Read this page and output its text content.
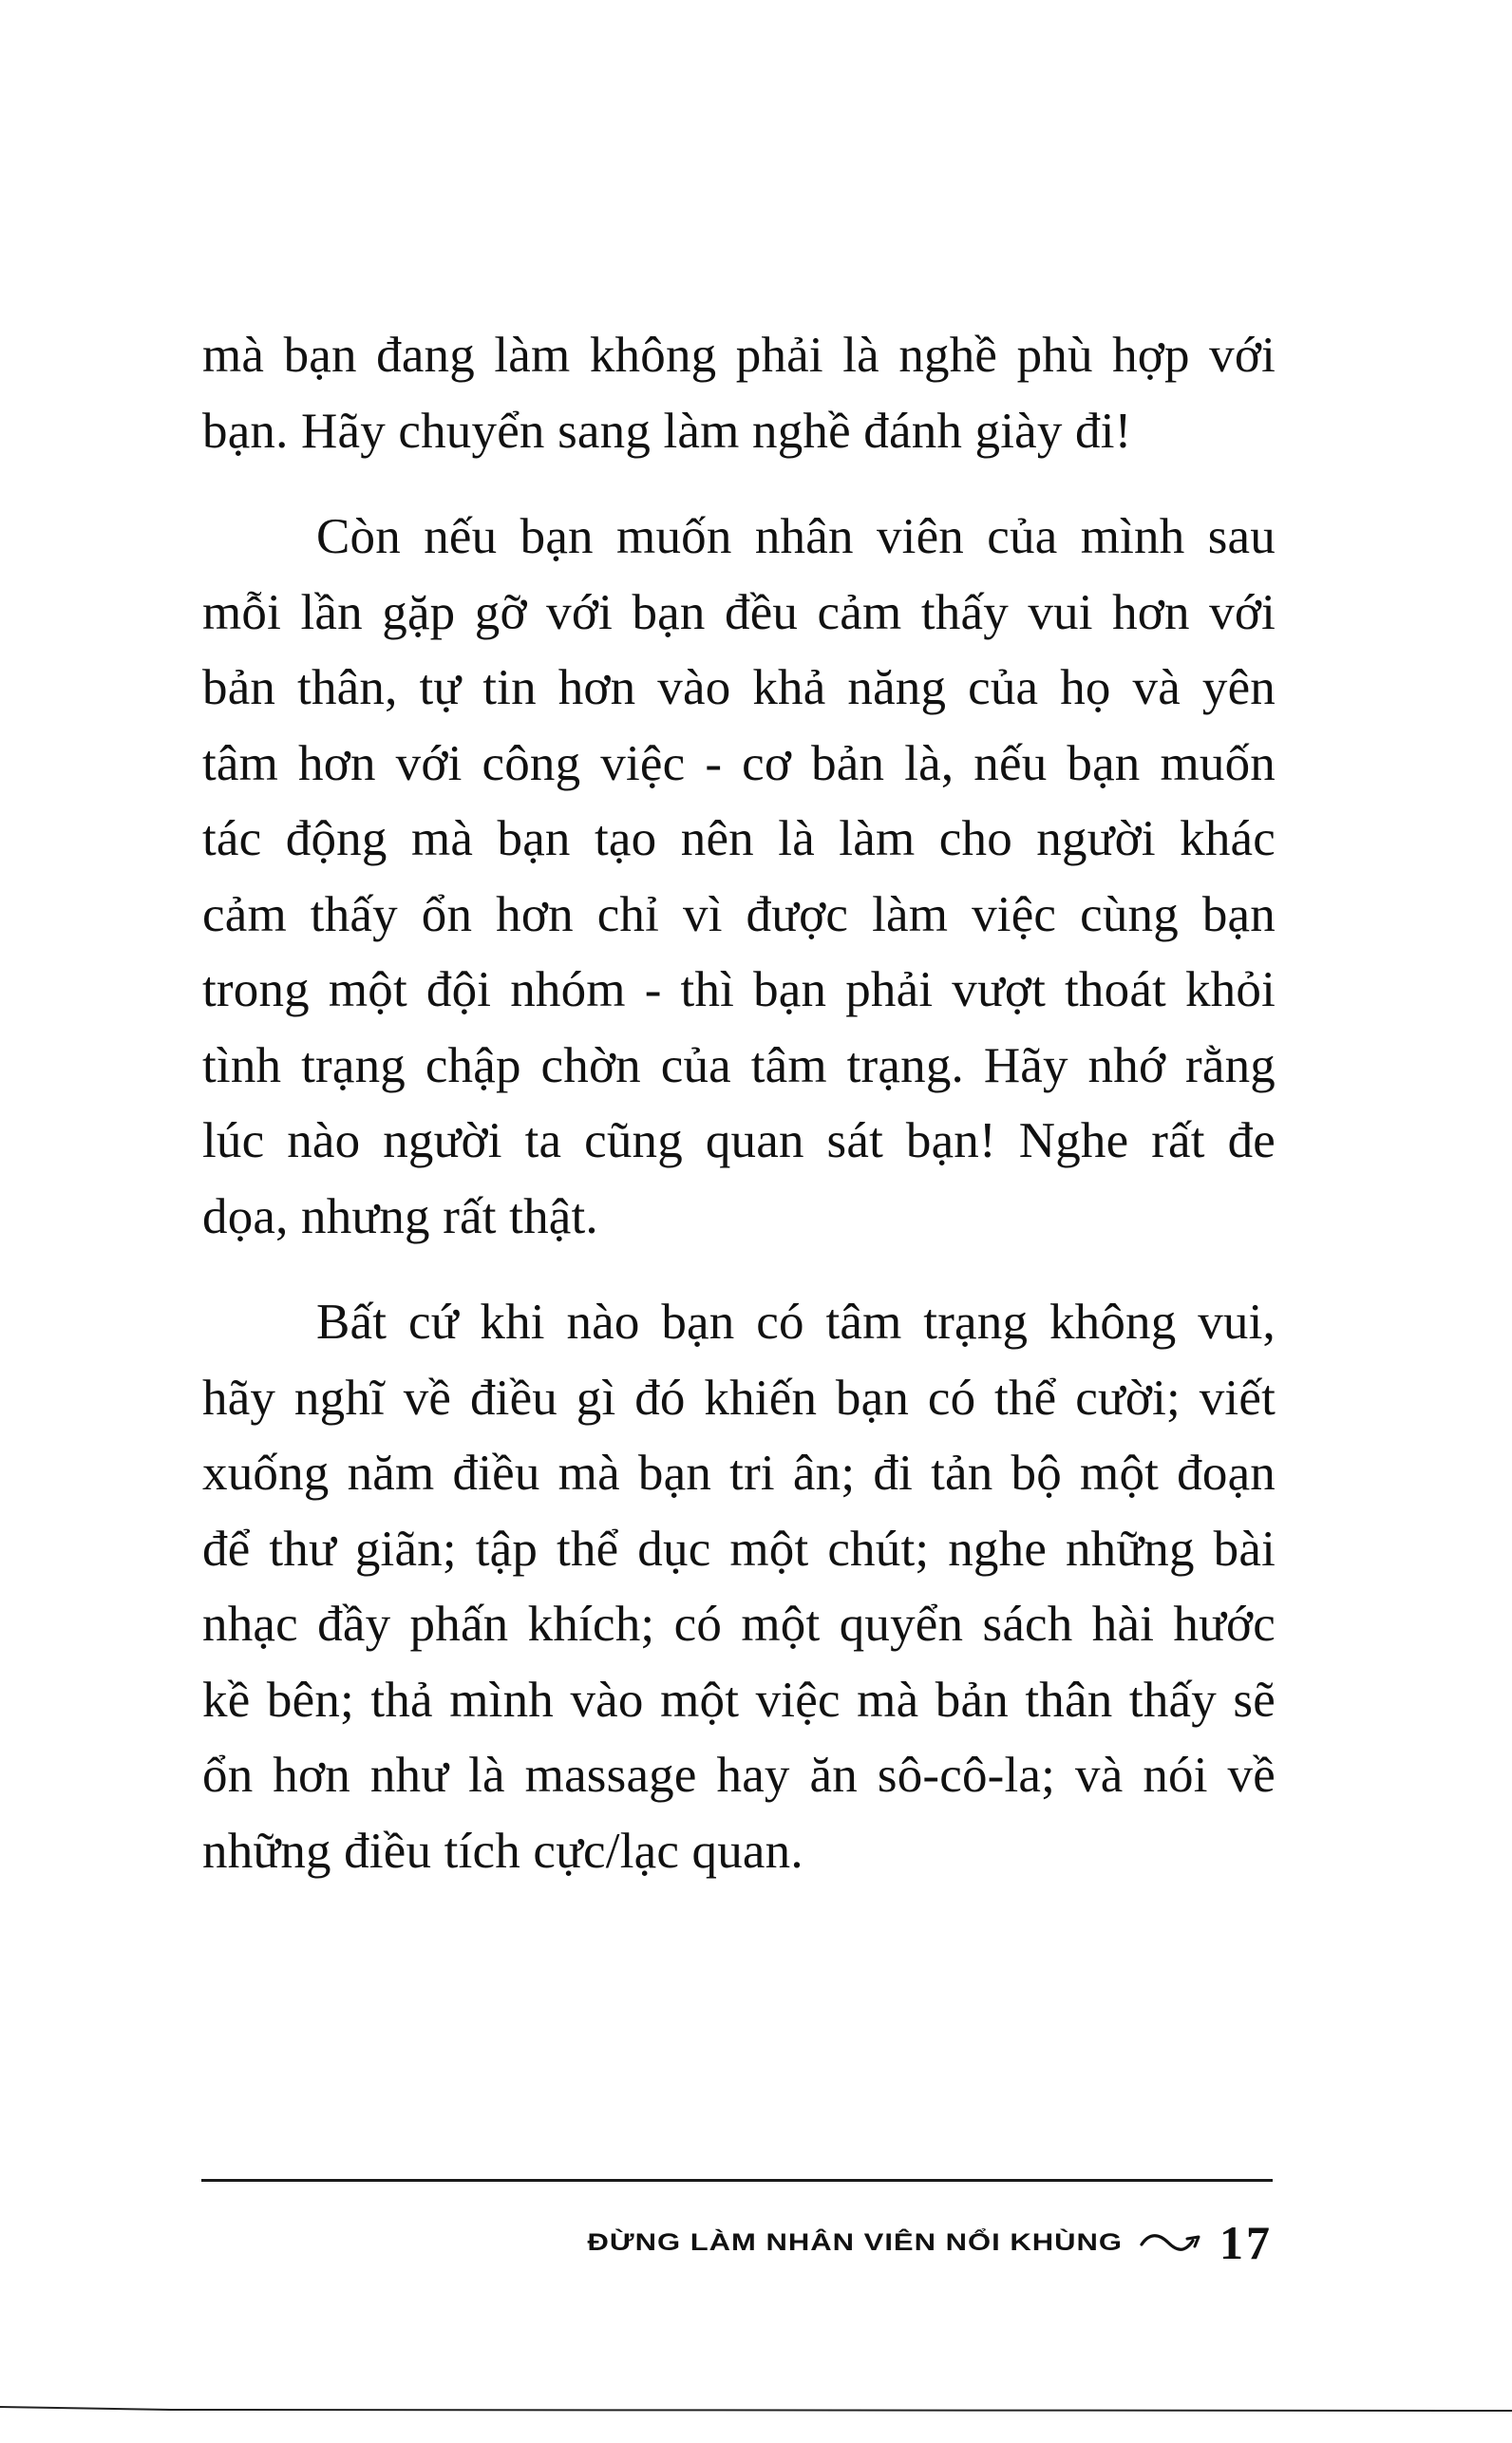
mà bạn đang làm không phải là nghề phù hợp với
bạn. Hãy chuyển sang làm nghề đánh giày đi!
Còn nếu bạn muốn nhân viên của mình sau
mỗi lần gặp gỡ với bạn đều cảm thấy vui hơn với
bản thân, tự tin hơn vào khả năng của họ và yên
tâm hơn với công việc - cơ bản là, nếu bạn muốn
tác động mà bạn tạo nên là làm cho người khác
cảm thấy ổn hơn chỉ vì được làm việc cùng bạn
trong một đội nhóm - thì bạn phải vượt thoát khỏi
tình trạng chập chờn của tâm trạng. Hãy nhớ rằng
lúc nào người ta cũng quan sát bạn! Nghe rất đe
dọa, nhưng rất thật.
Bất cứ khi nào bạn có tâm trạng không vui,
hãy nghĩ về điều gì đó khiến bạn có thể cười; viết
xuống năm điều mà bạn tri ân; đi tản bộ một đoạn
để thư giãn; tập thể dục một chút; nghe những bài
nhạc đầy phấn khích; có một quyển sách hài hước
kề bên; thả mình vào một việc mà bản thân thấy sẽ
ổn hơn như là massage hay ăn sô-cô-la; và nói về
những điều tích cực/lạc quan.
ĐỪNG LÀM NHÂN VIÊN NỔI KHÙNG 17
